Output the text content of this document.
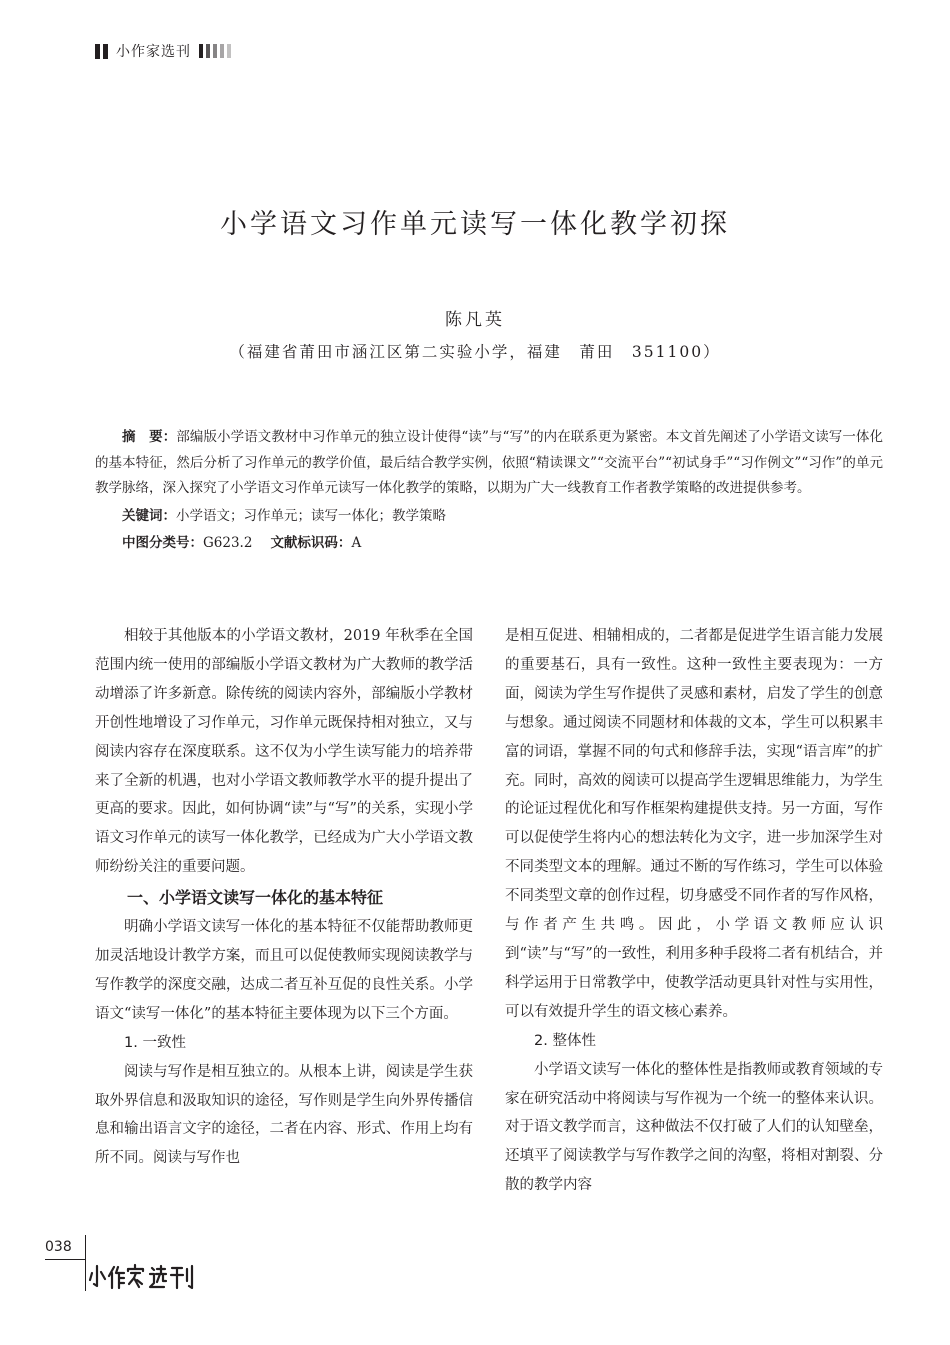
小作家选刊
小学语文习作单元读写一体化教学初探
陈凡英
（福建省莆田市涵江区第二实验小学，福建　莆田　351100）

摘　要：部编版小学语文教材中习作单元的独立设计使得“读”与“写”的内在联系更为紧密。本文首先阐述了小学语文读写一体化的基本特征，然后分析了习作单元的教学价值，最后结合教学实例，依照“精读课文”“交流平台”“初试身手”“习作例文”“习作”的单元教学脉络，深入探究了小学语文习作单元读写一体化教学的策略，以期为广大一线教育工作者教学策略的改进提供参考。

关键词：小学语文；习作单元；读写一体化；教学策略

中图分类号：G623.2 文献标识码：A

相较于其他版本的小学语文教材，2019 年秋季在全国范围内统一使用的部编版小学语文教材为广大教师的教学活动增添了许多新意。除传统的阅读内容外，部编版小学教材开创性地增设了习作单元，习作单元既保持相对独立，又与阅读内容存在深度联系。这不仅为小学生读写能力的培养带来了全新的机遇，也对小学语文教师教学水平的提升提出了更高的要求。因此，如何协调“读”与“写”的关系，实现小学语文习作单元的读写一体化教学，已经成为广大小学语文教师纷纷关注的重要问题。

一、小学语文读写一体化的基本特征

明确小学语文读写一体化的基本特征不仅能帮助教师更加灵活地设计教学方案，而且可以促使教师实现阅读教学与写作教学的深度交融，达成二者互补互促的良性关系。小学语文“读写一体化”的基本特征主要体现为以下三个方面。

1. 一致性

阅读与写作是相互独立的。从根本上讲，阅读是学生获取外界信息和汲取知识的途径，写作则是学生向外界传播信息和输出语言文字的途径，二者在内容、形式、作用上均有所不同。阅读与写作也

是相互促进、相辅相成的，二者都是促进学生语言能力发展的重要基石，具有一致性。这种一致性主要表现为：一方面，阅读为学生写作提供了灵感和素材，启发了学生的创意与想象。通过阅读不同题材和体裁的文本，学生可以积累丰富的词语，掌握不同的句式和修辞手法，实现“语言库”的扩充。同时，高效的阅读可以提高学生逻辑思维能力，为学生的论证过程优化和写作框架构建提供支持。另一方面，写作可以促使学生将内心的想法转化为文字，进一步加深学生对不同类型文本的理解。通过不断的写作练习，学生可以体验不同类型文章的创作过程，切身感受不同作者的写作风格，与作者产生共鸣。因此，小学语文教师应认识到“读”与“写”的一致性，利用多种手段将二者有机结合，并科学运用于日常教学中，使教学活动更具针对性与实用性，可以有效提升学生的语文核心素养。

2. 整体性

小学语文读写一体化的整体性是指教师或教育领域的专家在研究活动中将阅读与写作视为一个统一的整体来认识。对于语文教学而言，这种做法不仅打破了人们的认知壁垒，还填平了阅读教学与写作教学之间的沟壑，将相对割裂、分散的教学内容

038
